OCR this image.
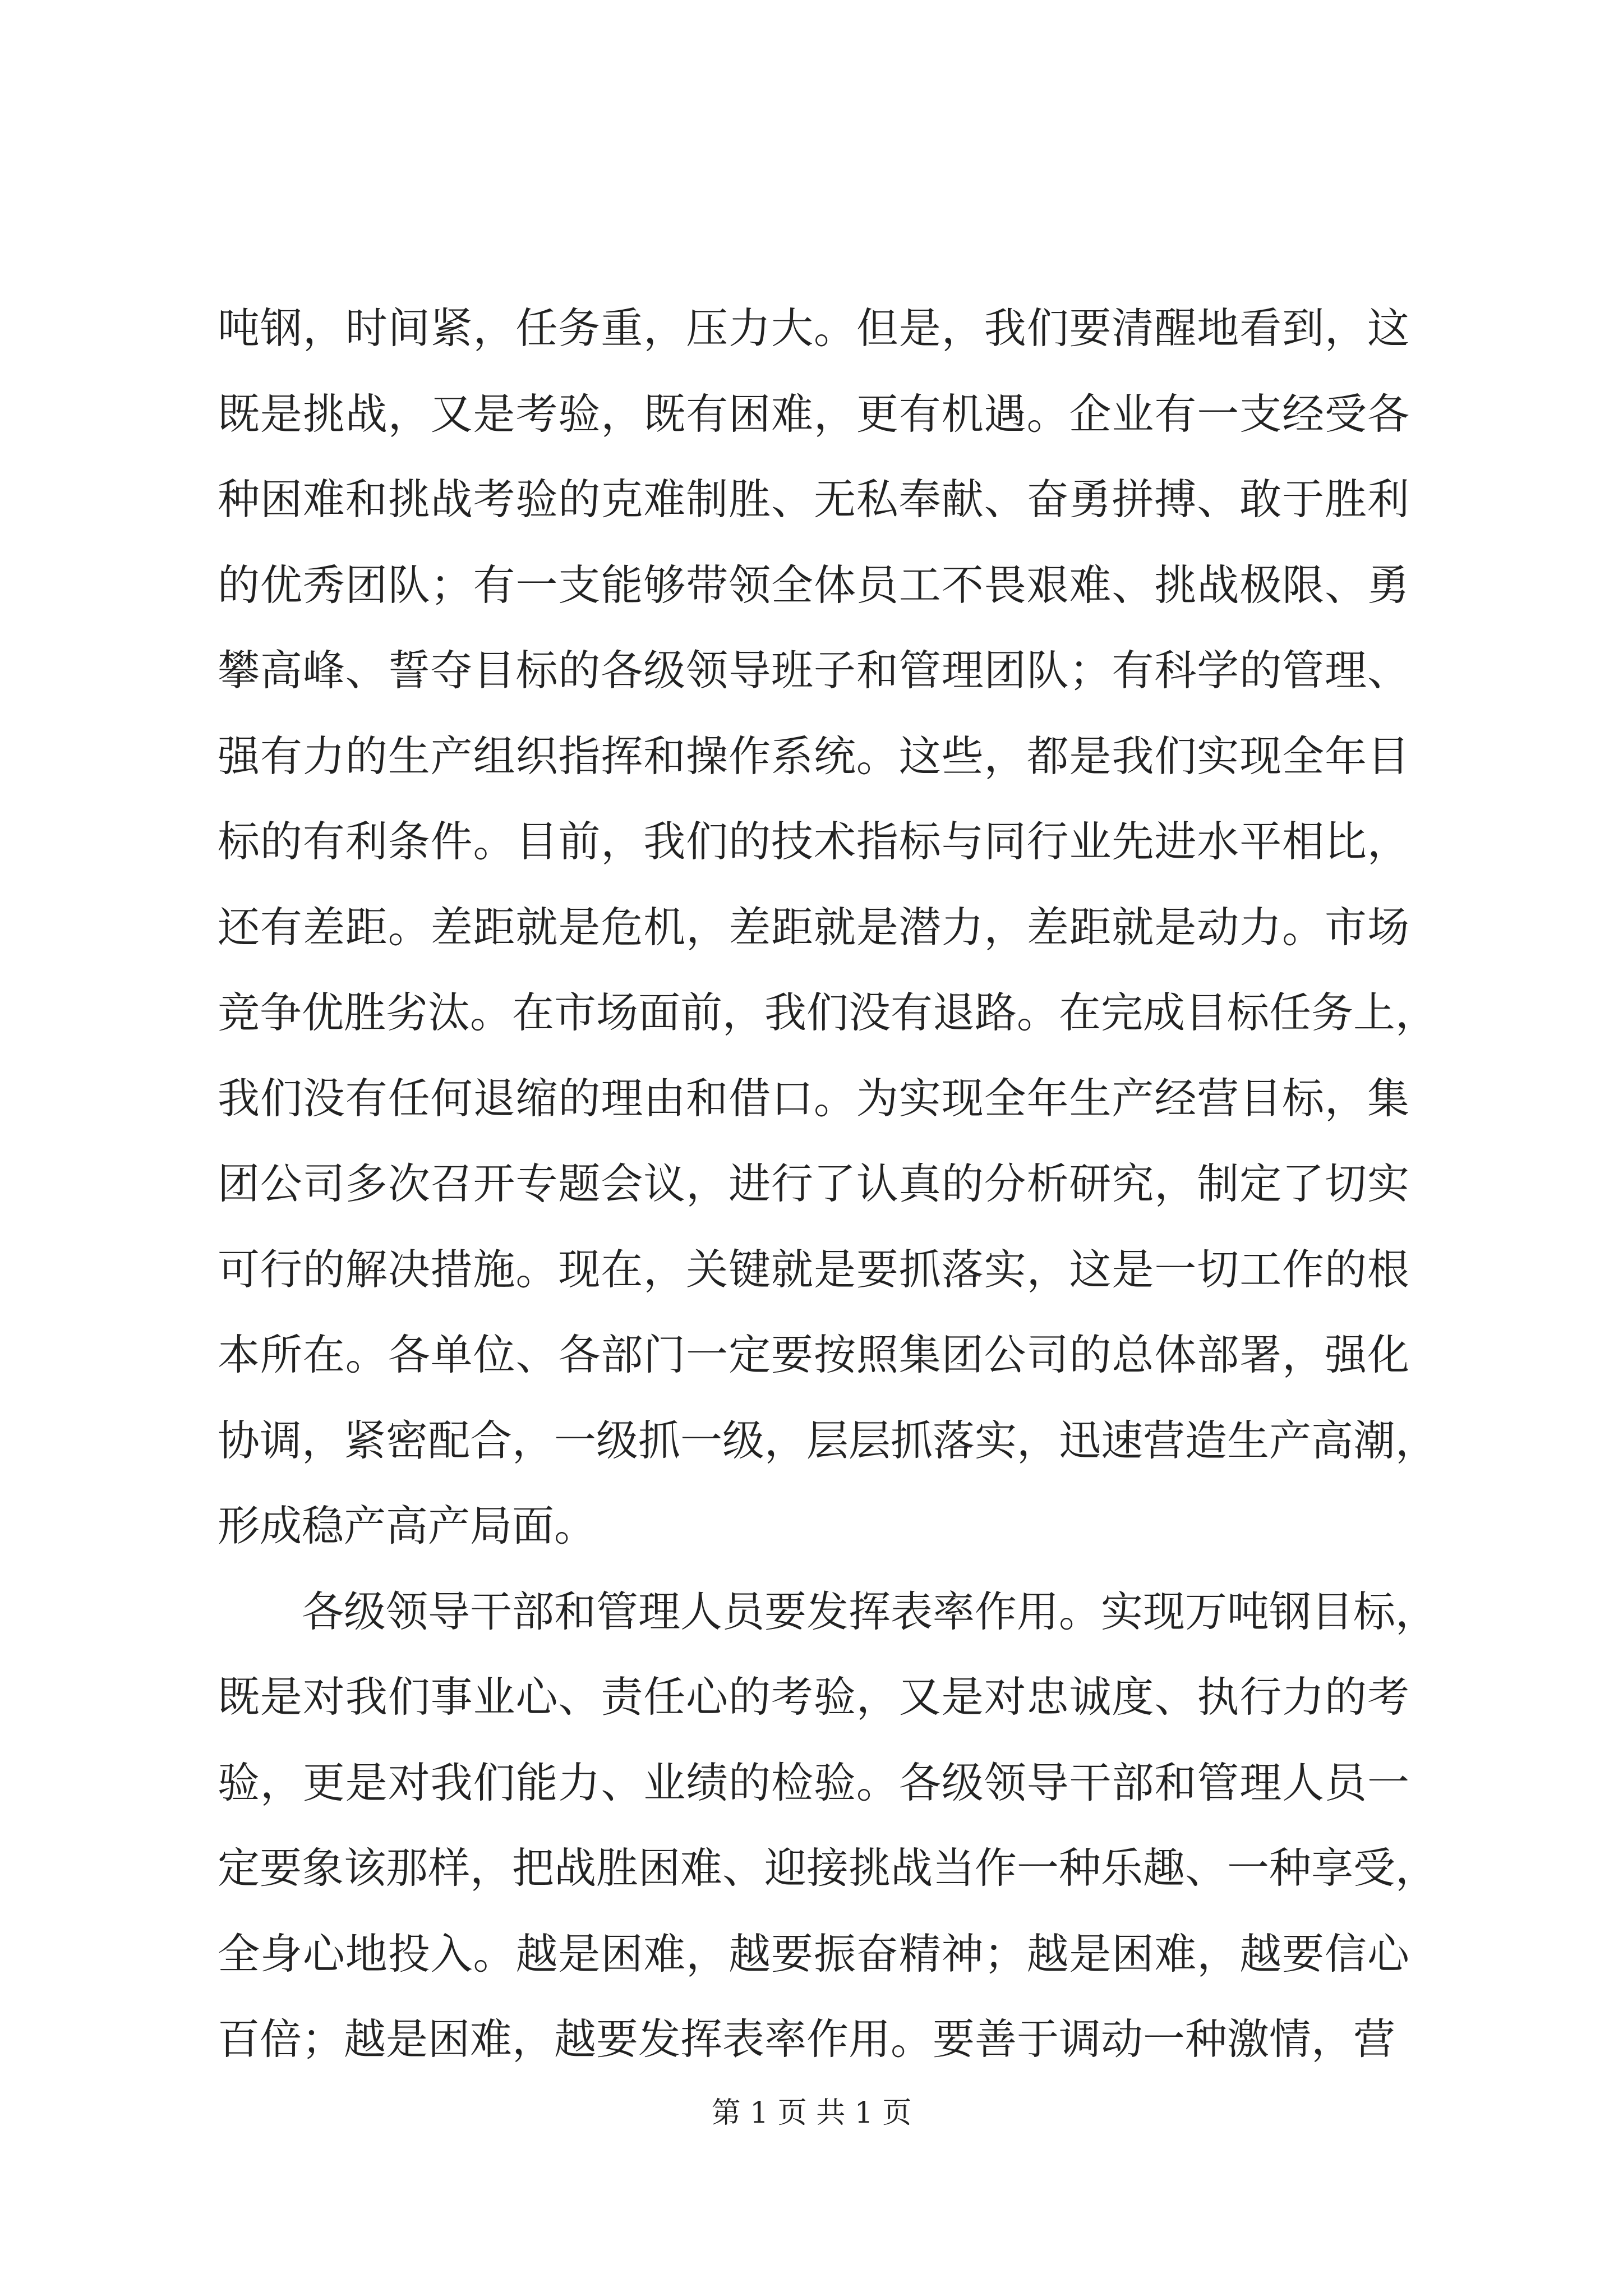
吨钢，时间紧，任务重，压力大。但是，我们要清醒地看到，这
既是挑战，又是考验，既有困难，更有机遇。企业有一支经受各
种困难和挑战考验的克难制胜、无私奉献、奋勇拼搏、敢于胜利
的优秀团队；有一支能够带领全体员工不畏艰难、挑战极限、勇
攀高峰、誓夺目标的各级领导班子和管理团队；有科学的管理、
强有力的生产组织指挥和操作系统。这些，都是我们实现全年目
标的有利条件。目前，我们的技术指标与同行业先进水平相比，
还有差距。差距就是危机，差距就是潜力，差距就是动力。市场
竞争优胜劣汰。在市场面前，我们没有退路。在完成目标任务上，
我们没有任何退缩的理由和借口。为实现全年生产经营目标，集
团公司多次召开专题会议，进行了认真的分析研究，制定了切实
可行的解决措施。现在，关键就是要抓落实，这是一切工作的根
本所在。各单位、各部门一定要按照集团公司的总体部署，强化
协调，紧密配合，一级抓一级，层层抓落实，迅速营造生产高潮，
形成稳产高产局面。
各级领导干部和管理人员要发挥表率作用。实现万吨钢目标，
既是对我们事业心、责任心的考验，又是对忠诚度、执行力的考
验，更是对我们能力、业绩的检验。各级领导干部和管理人员一
定要象该那样，把战胜困难、迎接挑战当作一种乐趣、一种享受，
全身心地投入。越是困难，越要振奋精神；越是困难，越要信心
百倍；越是困难，越要发挥表率作用。要善于调动一种激情，营
第 1 页 共 1 页
